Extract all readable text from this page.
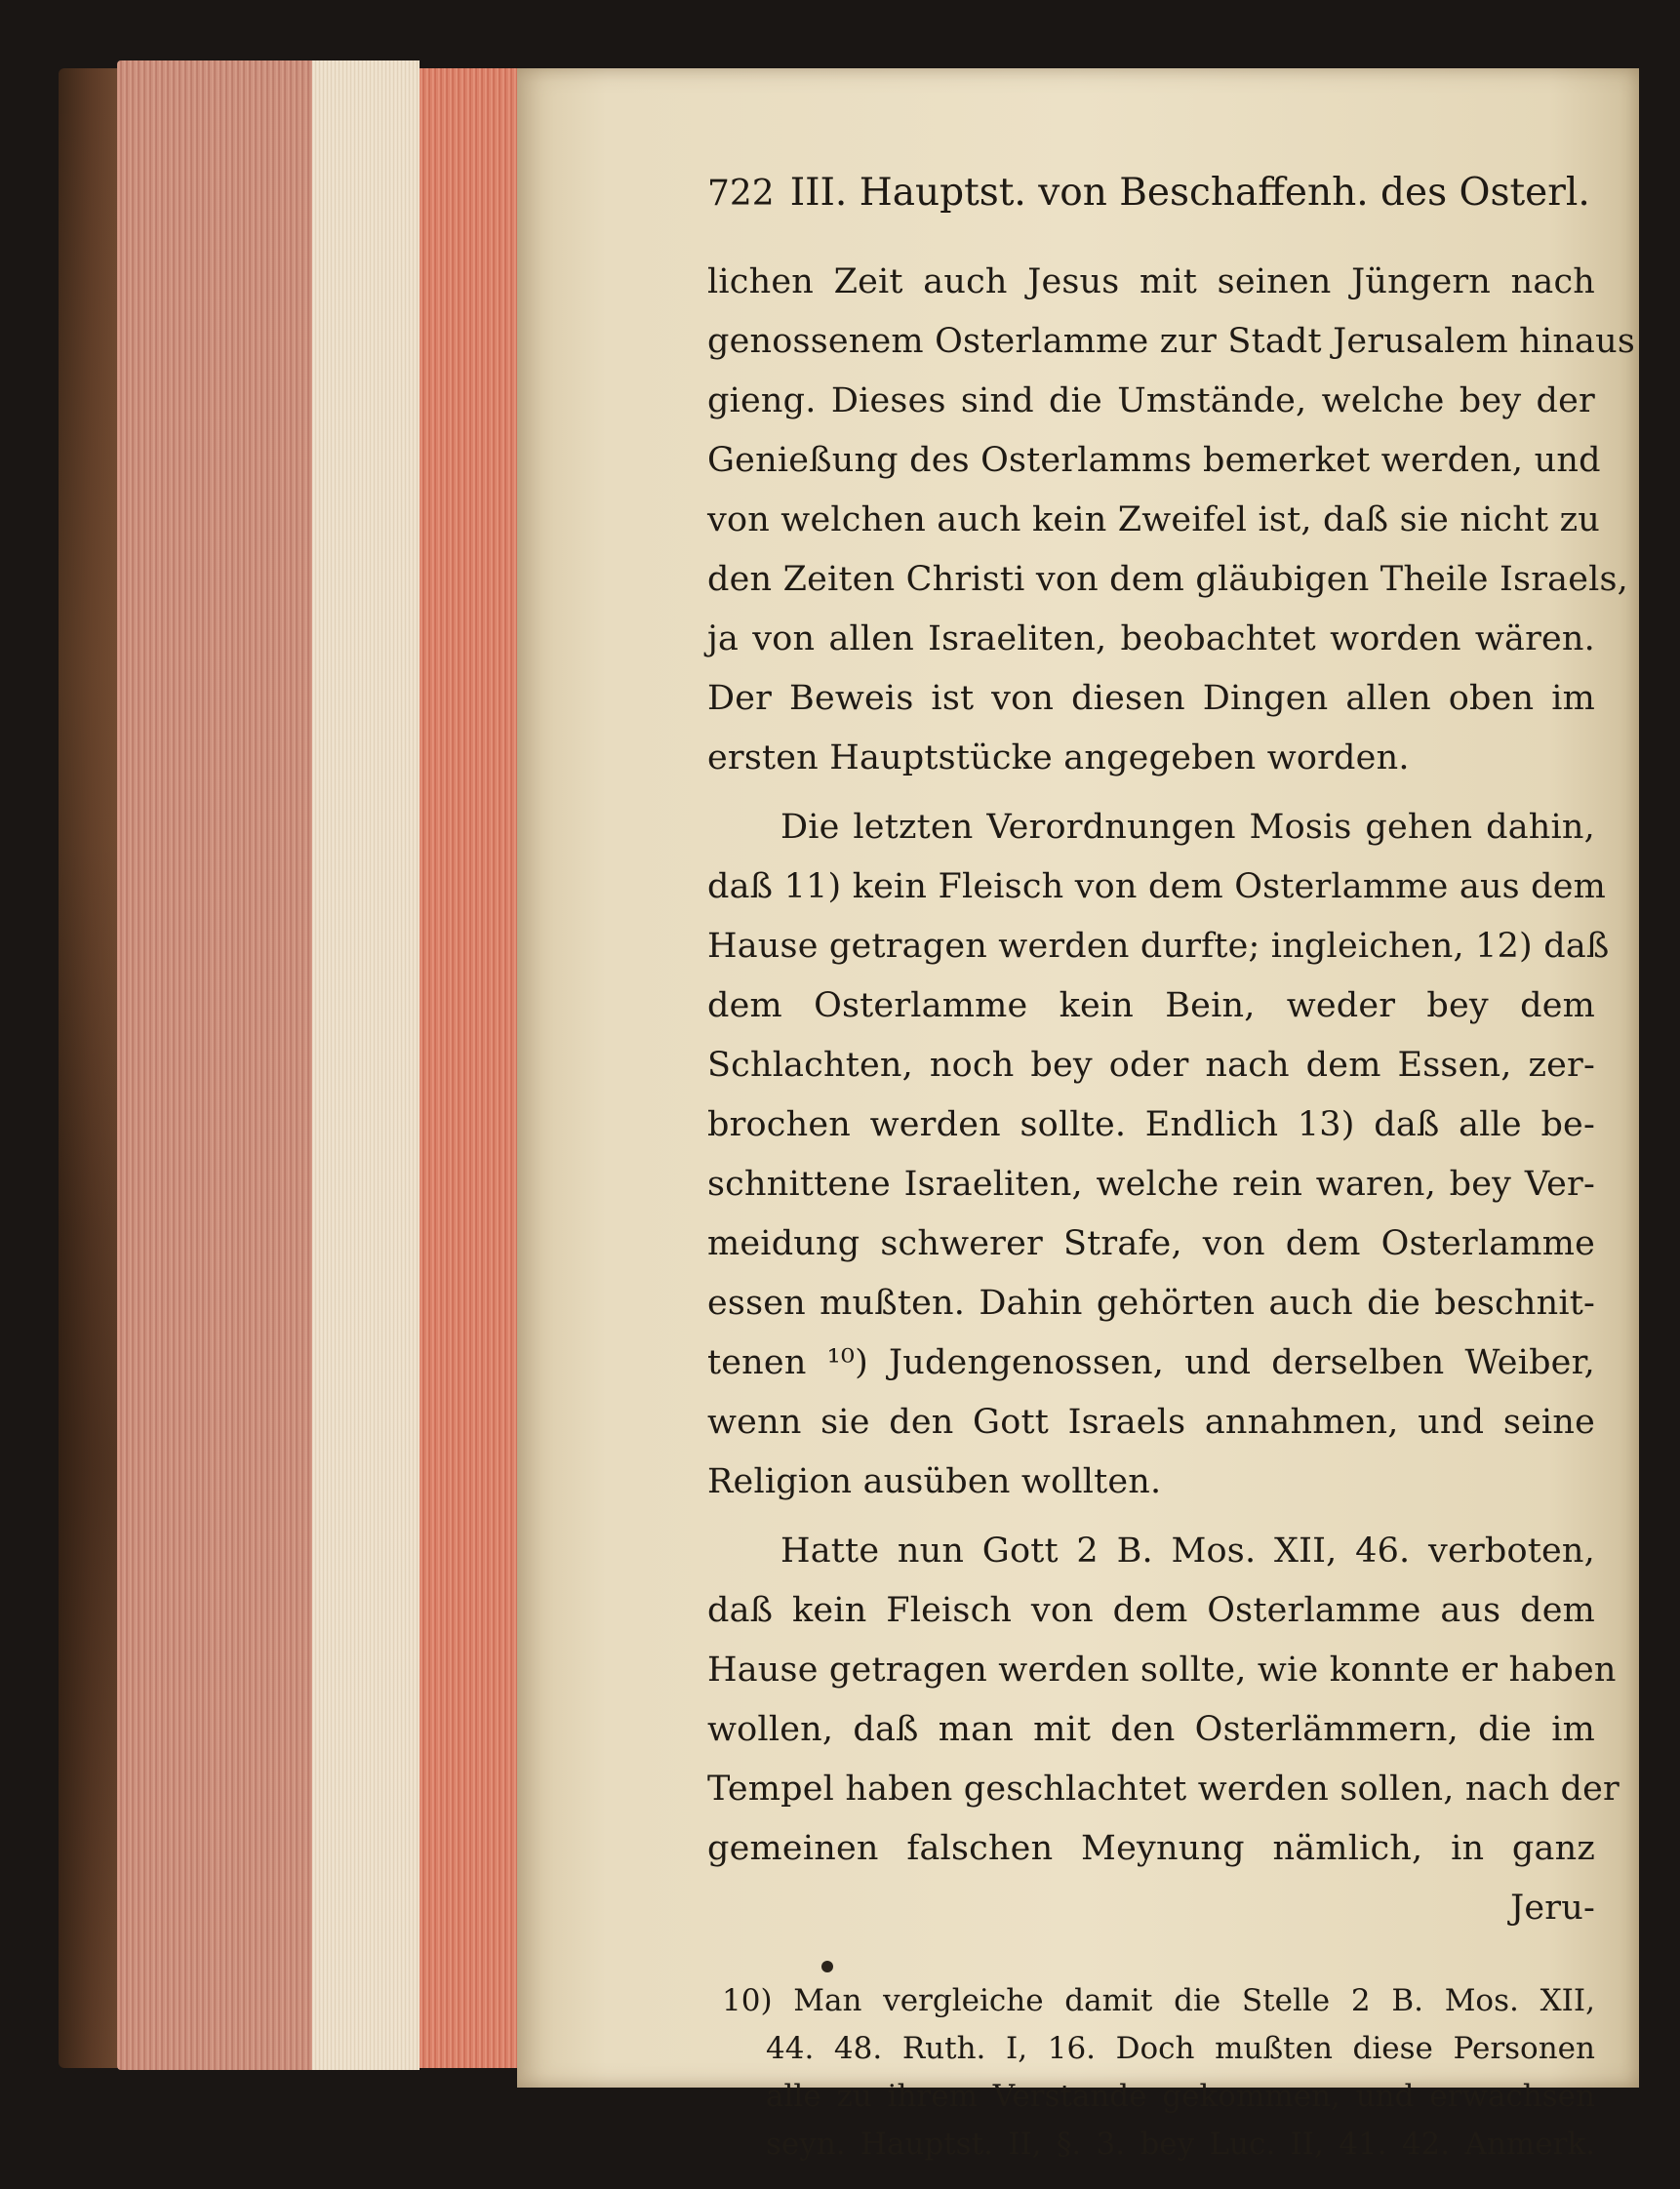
722 III. Hauptst. von Beschaffenh. des Osterl.
lichen Zeit auch Jesus mit seinen Jüngern nach
genossenem Osterlamme zur Stadt Jerusalem hinaus
gieng. Dieses sind die Umstände, welche bey der
Genießung des Osterlamms bemerket werden, und
von welchen auch kein Zweifel ist, daß sie nicht zu
den Zeiten Christi von dem gläubigen Theile Israels,
ja von allen Israeliten, beobachtet worden wären.
Der Beweis ist von diesen Dingen allen oben im
ersten Hauptstücke angegeben worden.
Die letzten Verordnungen Mosis gehen dahin,
daß 11) kein Fleisch von dem Osterlamme aus dem
Hause getragen werden durfte; ingleichen, 12) daß
dem Osterlamme kein Bein, weder bey dem
Schlachten, noch bey oder nach dem Essen, zer-
brochen werden sollte. Endlich 13) daß alle be-
schnittene Israeliten, welche rein waren, bey Ver-
meidung schwerer Strafe, von dem Osterlamme
essen mußten. Dahin gehörten auch die beschnit-
tenen ¹⁰) Judengenossen, und derselben Weiber,
wenn sie den Gott Israels annahmen, und seine
Religion ausüben wollten.
Hatte nun Gott 2 B. Mos. XII, 46. verboten,
daß kein Fleisch von dem Osterlamme aus dem
Hause getragen werden sollte, wie konnte er haben
wollen, daß man mit den Osterlämmern, die im
Tempel haben geschlachtet werden sollen, nach der
gemeinen falschen Meynung nämlich, in ganz
Jeru-
10) Man vergleiche damit die Stelle 2 B. Mos. XII,
44. 48. Ruth. I, 16. Doch mußten diese Personen
alle zu ihrem Verstande gekommen, und erwachsen
seyn. Hauptst. II, §. 3. bey Luc. II, 41. 42. Anmerk.
